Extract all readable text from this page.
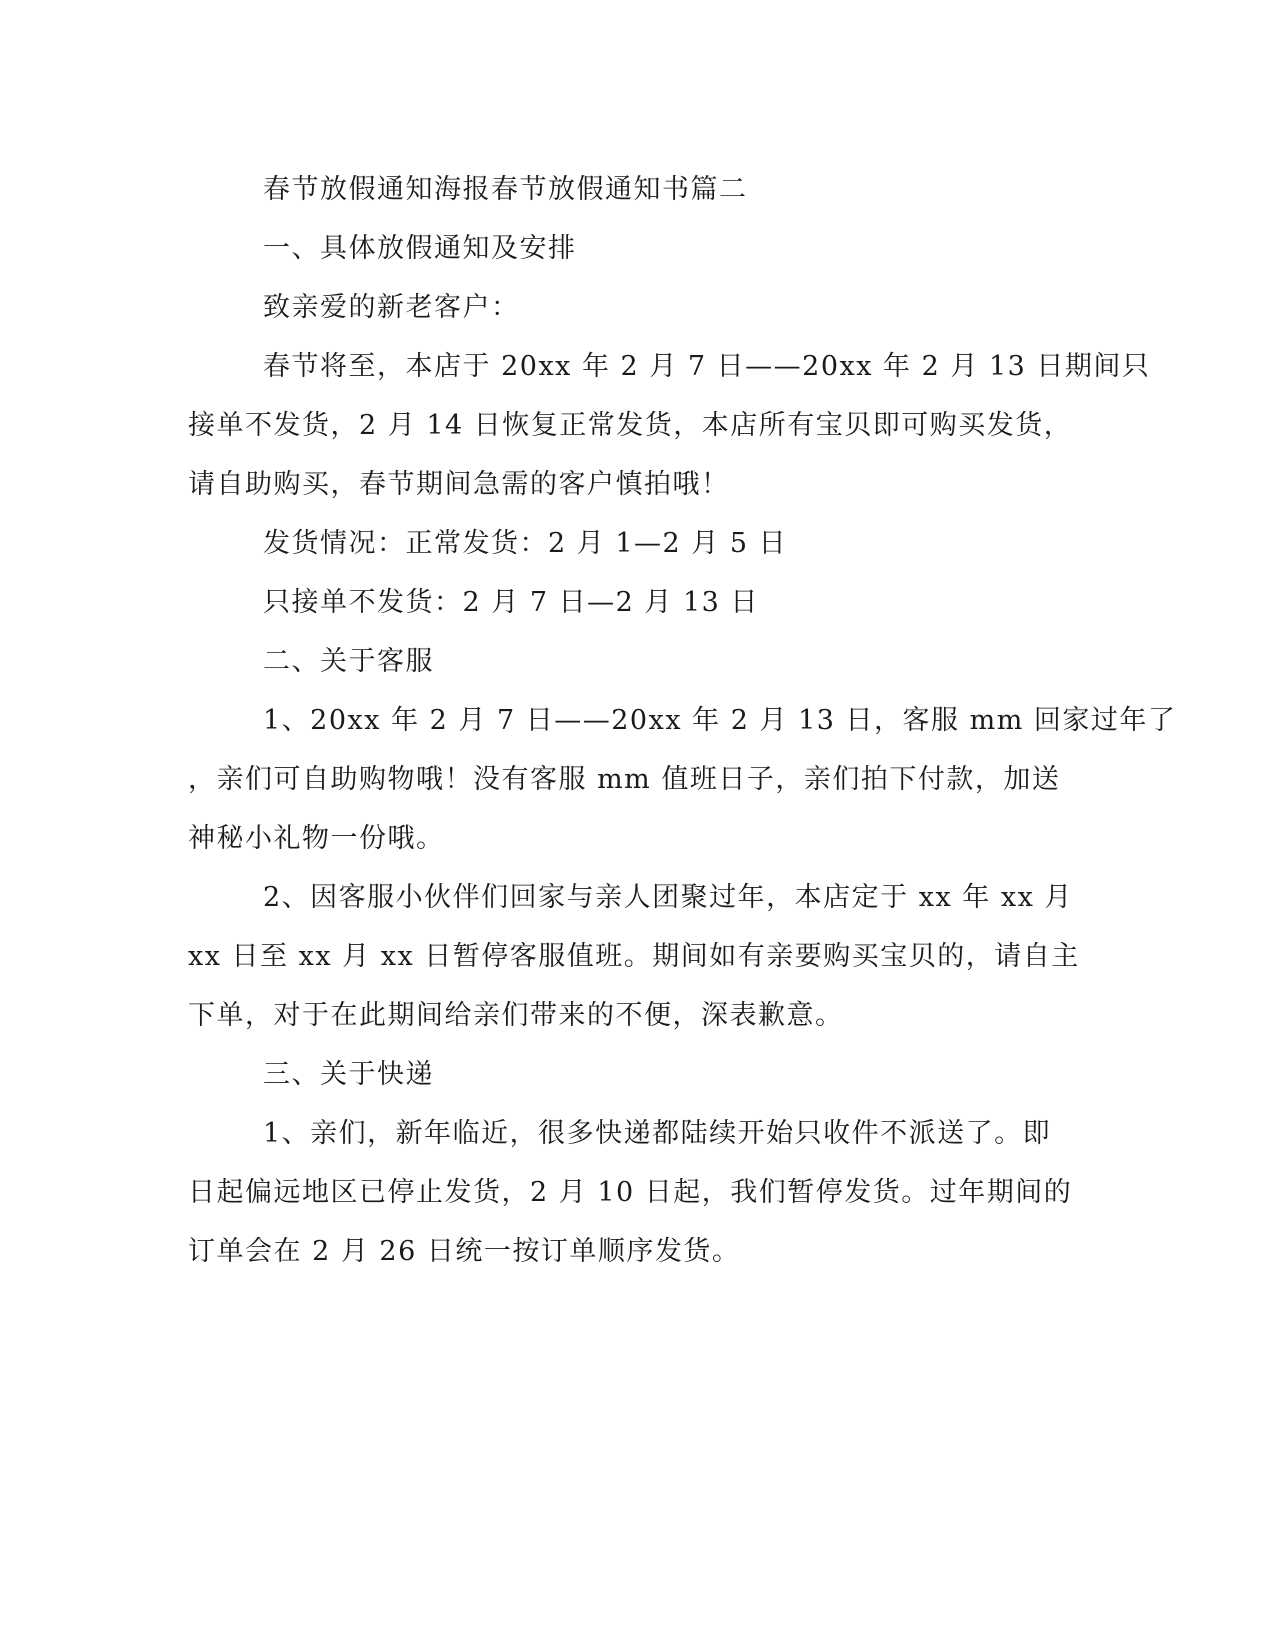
春节放假通知海报春节放假通知书篇二

一、具体放假通知及安排

致亲爱的新老客户：

春节将至，本店于 20xx 年 2 月 7 日——20xx 年 2 月 13 日期间只
接单不发货，2 月 14 日恢复正常发货，本店所有宝贝即可购买发货，
请自助购买，春节期间急需的客户慎拍哦！

发货情况：正常发货：2 月 1—2 月 5 日

只接单不发货：2 月 7 日—2 月 13 日

二、关于客服

1、20xx 年 2 月 7 日——20xx 年 2 月 13 日，客服 mm 回家过年了
，亲们可自助购物哦！没有客服 mm 值班日子，亲们拍下付款，加送
神秘小礼物一份哦。

2、因客服小伙伴们回家与亲人团聚过年，本店定于 xx 年 xx 月
xx 日至 xx 月 xx 日暂停客服值班。期间如有亲要购买宝贝的，请自主
下单，对于在此期间给亲们带来的不便，深表歉意。

三、关于快递

1、亲们，新年临近，很多快递都陆续开始只收件不派送了。即
日起偏远地区已停止发货，2 月 10 日起，我们暂停发货。过年期间的
订单会在 2 月 26 日统一按订单顺序发货。
